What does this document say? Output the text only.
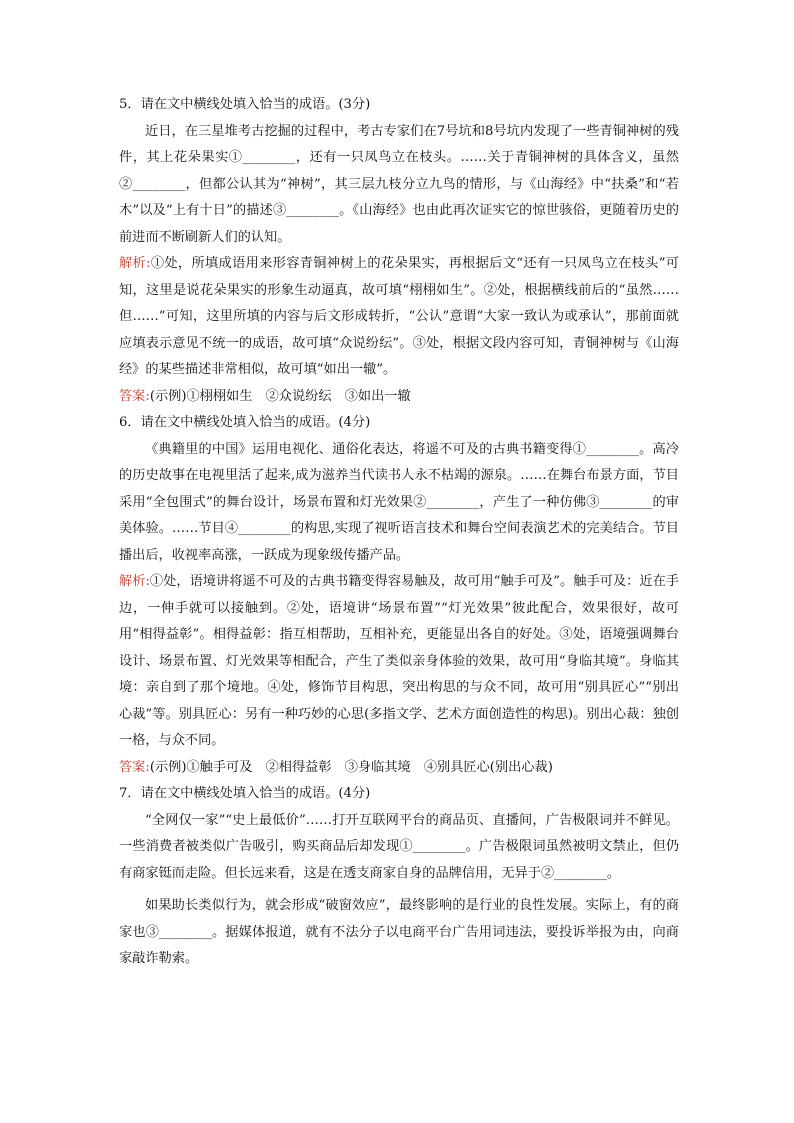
5．请在文中横线处填入恰当的成语。(3分)

近日，在三星堆考古挖掘的过程中，考古专家们在7号坑和8号坑内发现了一些青铜神树的残件，其上花朵果实①________，还有一只凤鸟立在枝头。……关于青铜神树的具体含义，虽然②________，但都公认其为“神树”，其三层九枝分立九鸟的情形，与《山海经》中“扶桑”和“若木”以及“上有十日”的描述③________。《山海经》也由此再次证实它的惊世骇俗，更随着历史的前进而不断刷新人们的认知。

解析:①处，所填成语用来形容青铜神树上的花朵果实，再根据后文“还有一只凤鸟立在枝头”可知，这里是说花朵果实的形象生动逼真，故可填“栩栩如生”。②处，根据横线前后的“虽然……但……”可知，这里所填的内容与后文形成转折，“公认”意谓“大家一致认为或承认”，那前面就应填表示意见不统一的成语，故可填“众说纷纭”。③处，根据文段内容可知，青铜神树与《山海经》的某些描述非常相似，故可填“如出一辙”。

答案:(示例)①栩栩如生　②众说纷纭　③如出一辙

6．请在文中横线处填入恰当的成语。(4分)

《典籍里的中国》运用电视化、通俗化表达，将遥不可及的古典书籍变得①________。高冷的历史故事在电视里活了起来,成为滋养当代读书人永不枯竭的源泉。……在舞台布景方面，节目采用“全包围式”的舞台设计，场景布置和灯光效果②________，产生了一种仿佛③________的审美体验。……节目④________的构思,实现了视听语言技术和舞台空间表演艺术的完美结合。节目播出后，收视率高涨，一跃成为现象级传播产品。

解析:①处，语境讲将遥不可及的古典书籍变得容易触及，故可用“触手可及”。触手可及：近在手边，一伸手就可以接触到。②处，语境讲“场景布置”“灯光效果”彼此配合，效果很好，故可用“相得益彰”。相得益彰：指互相帮助，互相补充，更能显出各自的好处。③处，语境强调舞台设计、场景布置、灯光效果等相配合，产生了类似亲身体验的效果，故可用“身临其境”。身临其境：亲自到了那个境地。④处，修饰节目构思，突出构思的与众不同，故可用“别具匠心”“别出心裁”等。别具匠心：另有一种巧妙的心思(多指文学、艺术方面创造性的构思)。别出心裁：独创一格，与众不同。

答案:(示例)①触手可及　②相得益彰　③身临其境　④别具匠心(别出心裁)

7．请在文中横线处填入恰当的成语。(4分)

“全网仅一家”“史上最低价”……打开互联网平台的商品页、直播间，广告极限词并不鲜见。一些消费者被类似广告吸引，购买商品后却发现①________。广告极限词虽然被明文禁止，但仍有商家铤而走险。但长远来看，这是在透支商家自身的品牌信用，无异于②________。

如果助长类似行为，就会形成“破窗效应”，最终影响的是行业的良性发展。实际上，有的商家也③________。据媒体报道，就有不法分子以电商平台广告用词违法，要投诉举报为由，向商家敲诈勒索。
